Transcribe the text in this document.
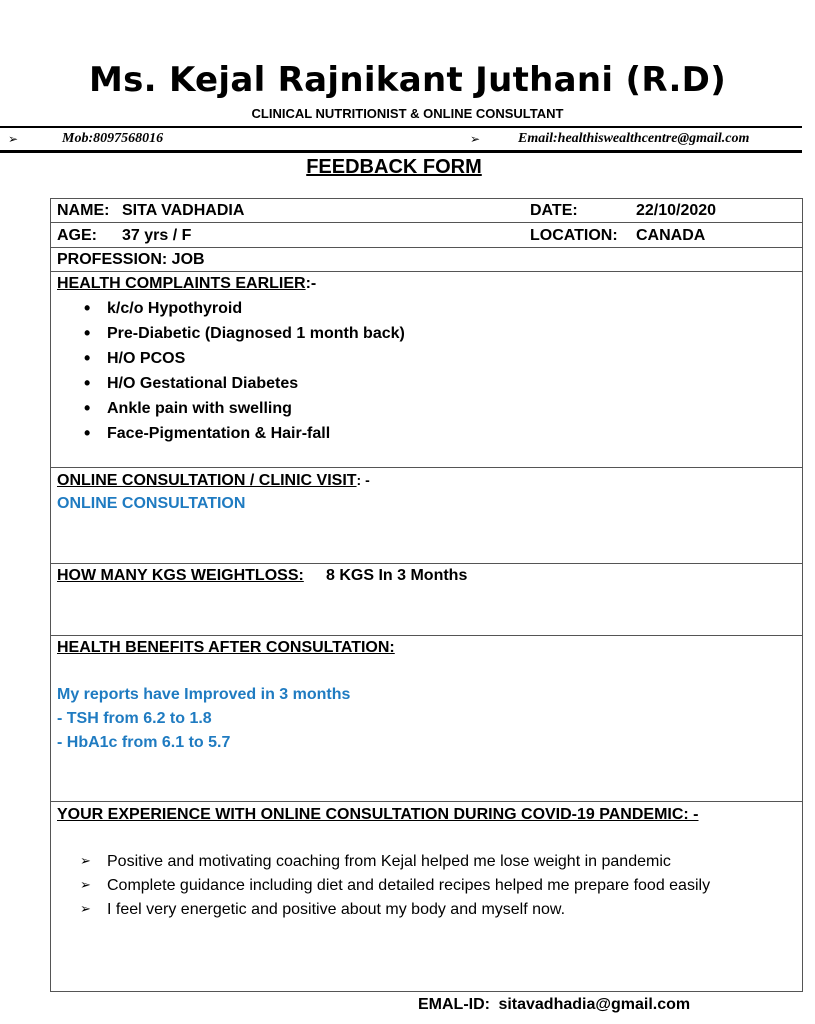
Ms. Kejal Rajnikant Juthani (R.D)
CLINICAL NUTRITIONIST & ONLINE CONSULTANT
➢	Mob:8097568016	➢	Email:healthiswealthcentre@gmail.com
FEEDBACK FORM
NAME: SITA VADHADIA	DATE:	22/10/2020
AGE: 37 yrs / F	LOCATION: CANADA
PROFESSION: JOB
HEALTH COMPLAINTS EARLIER:-
• k/c/o Hypothyroid
• Pre-Diabetic (Diagnosed 1 month back)
• H/O PCOS
• H/O Gestational Diabetes
• Ankle pain with swelling
• Face-Pigmentation & Hair-fall
ONLINE CONSULTATION / CLINIC VISIT: -
ONLINE CONSULTATION
HOW MANY KGS WEIGHTLOSS: 8 KGS In 3 Months
HEALTH BENEFITS AFTER CONSULTATION:
My reports have Improved in 3 months
- TSH from 6.2 to 1.8
- HbA1c from 6.1 to 5.7
YOUR EXPERIENCE WITH ONLINE CONSULTATION DURING COVID-19 PANDEMIC: -
➢ Positive and motivating coaching from Kejal helped me lose weight in pandemic
➢ Complete guidance including diet and detailed recipes helped me prepare food easily
➢ I feel very energetic and positive about my body and myself now.
EMAL-ID: sitavadhadia@gmail.com
